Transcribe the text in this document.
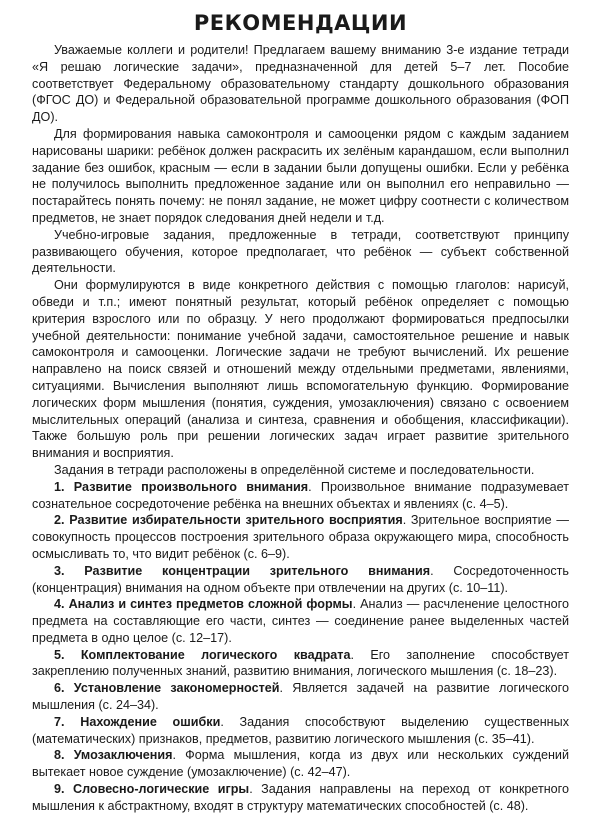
РЕКОМЕНДАЦИИ

Уважаемые коллеги и родители! Предлагаем вашему вниманию 3-е издание тетради «Я решаю логические задачи», предназначенной для детей 5–7 лет. Пособие соответствует Федеральному образовательному стандарту дошкольного образования (ФГОС ДО) и Федеральной образовательной программе дошкольного образования (ФОП ДО).

Для формирования навыка самоконтроля и самооценки рядом с каждым заданием нарисованы шарики: ребёнок должен раскрасить их зелёным карандашом, если выполнил задание без ошибок, красным — если в задании были допущены ошибки. Если у ребёнка не получилось выполнить предложенное задание или он выполнил его неправильно — постарайтесь понять почему: не понял задание, не может цифру соотнести с количеством предметов, не знает порядок следования дней недели и т.д.

Учебно-игровые задания, предложенные в тетради, соответствуют принципу развивающего обучения, которое предполагает, что ребёнок — субъект собственной деятельности.

Они формулируются в виде конкретного действия с помощью глаголов: нарисуй, обведи и т.п.; имеют понятный результат, который ребёнок определяет с помощью критерия взрослого или по образцу. У него продолжают формироваться предпосылки учебной деятельности: понимание учебной задачи, самостоятельное решение и навык самоконтроля и самооценки. Логические задачи не требуют вычислений. Их решение направлено на поиск связей и отношений между отдельными предметами, явлениями, ситуациями. Вычисления выполняют лишь вспомогательную функцию. Формирование логических форм мышления (понятия, суждения, умозаключения) связано с освоением мыслительных операций (анализа и синтеза, сравнения и обобщения, классификации). Также большую роль при решении логических задач играет развитие зрительного внимания и восприятия.

Задания в тетради расположены в определённой системе и последовательности.

1. Развитие произвольного внимания. Произвольное внимание подразумевает сознательное сосредоточение ребёнка на внешних объектах и явлениях (с. 4–5).

2. Развитие избирательности зрительного восприятия. Зрительное восприятие — совокупность процессов построения зрительного образа окружающего мира, способность осмысливать то, что видит ребёнок (с. 6–9).

3. Развитие концентрации зрительного внимания. Сосредоточенность (концентрация) внимания на одном объекте при отвлечении на других (с. 10–11).

4. Анализ и синтез предметов сложной формы. Анализ — расчленение целостного предмета на составляющие его части, синтез — соединение ранее выделенных частей предмета в одно целое (с. 12–17).

5. Комплектование логического квадрата. Его заполнение способствует закреплению полученных знаний, развитию внимания, логического мышления (с. 18–23).

6. Установление закономерностей. Является задачей на развитие логического мышления (с. 24–34).

7. Нахождение ошибки. Задания способствуют выделению существенных (математических) признаков, предметов, развитию логического мышления (с. 35–41).

8. Умозаключения. Форма мышления, когда из двух или нескольких суждений вытекает новое суждение (умозаключение) (с. 42–47).

9. Словесно-логические игры. Задания направлены на переход от конкретного мышления к абстрактному, входят в структуру математических способностей (с. 48).
